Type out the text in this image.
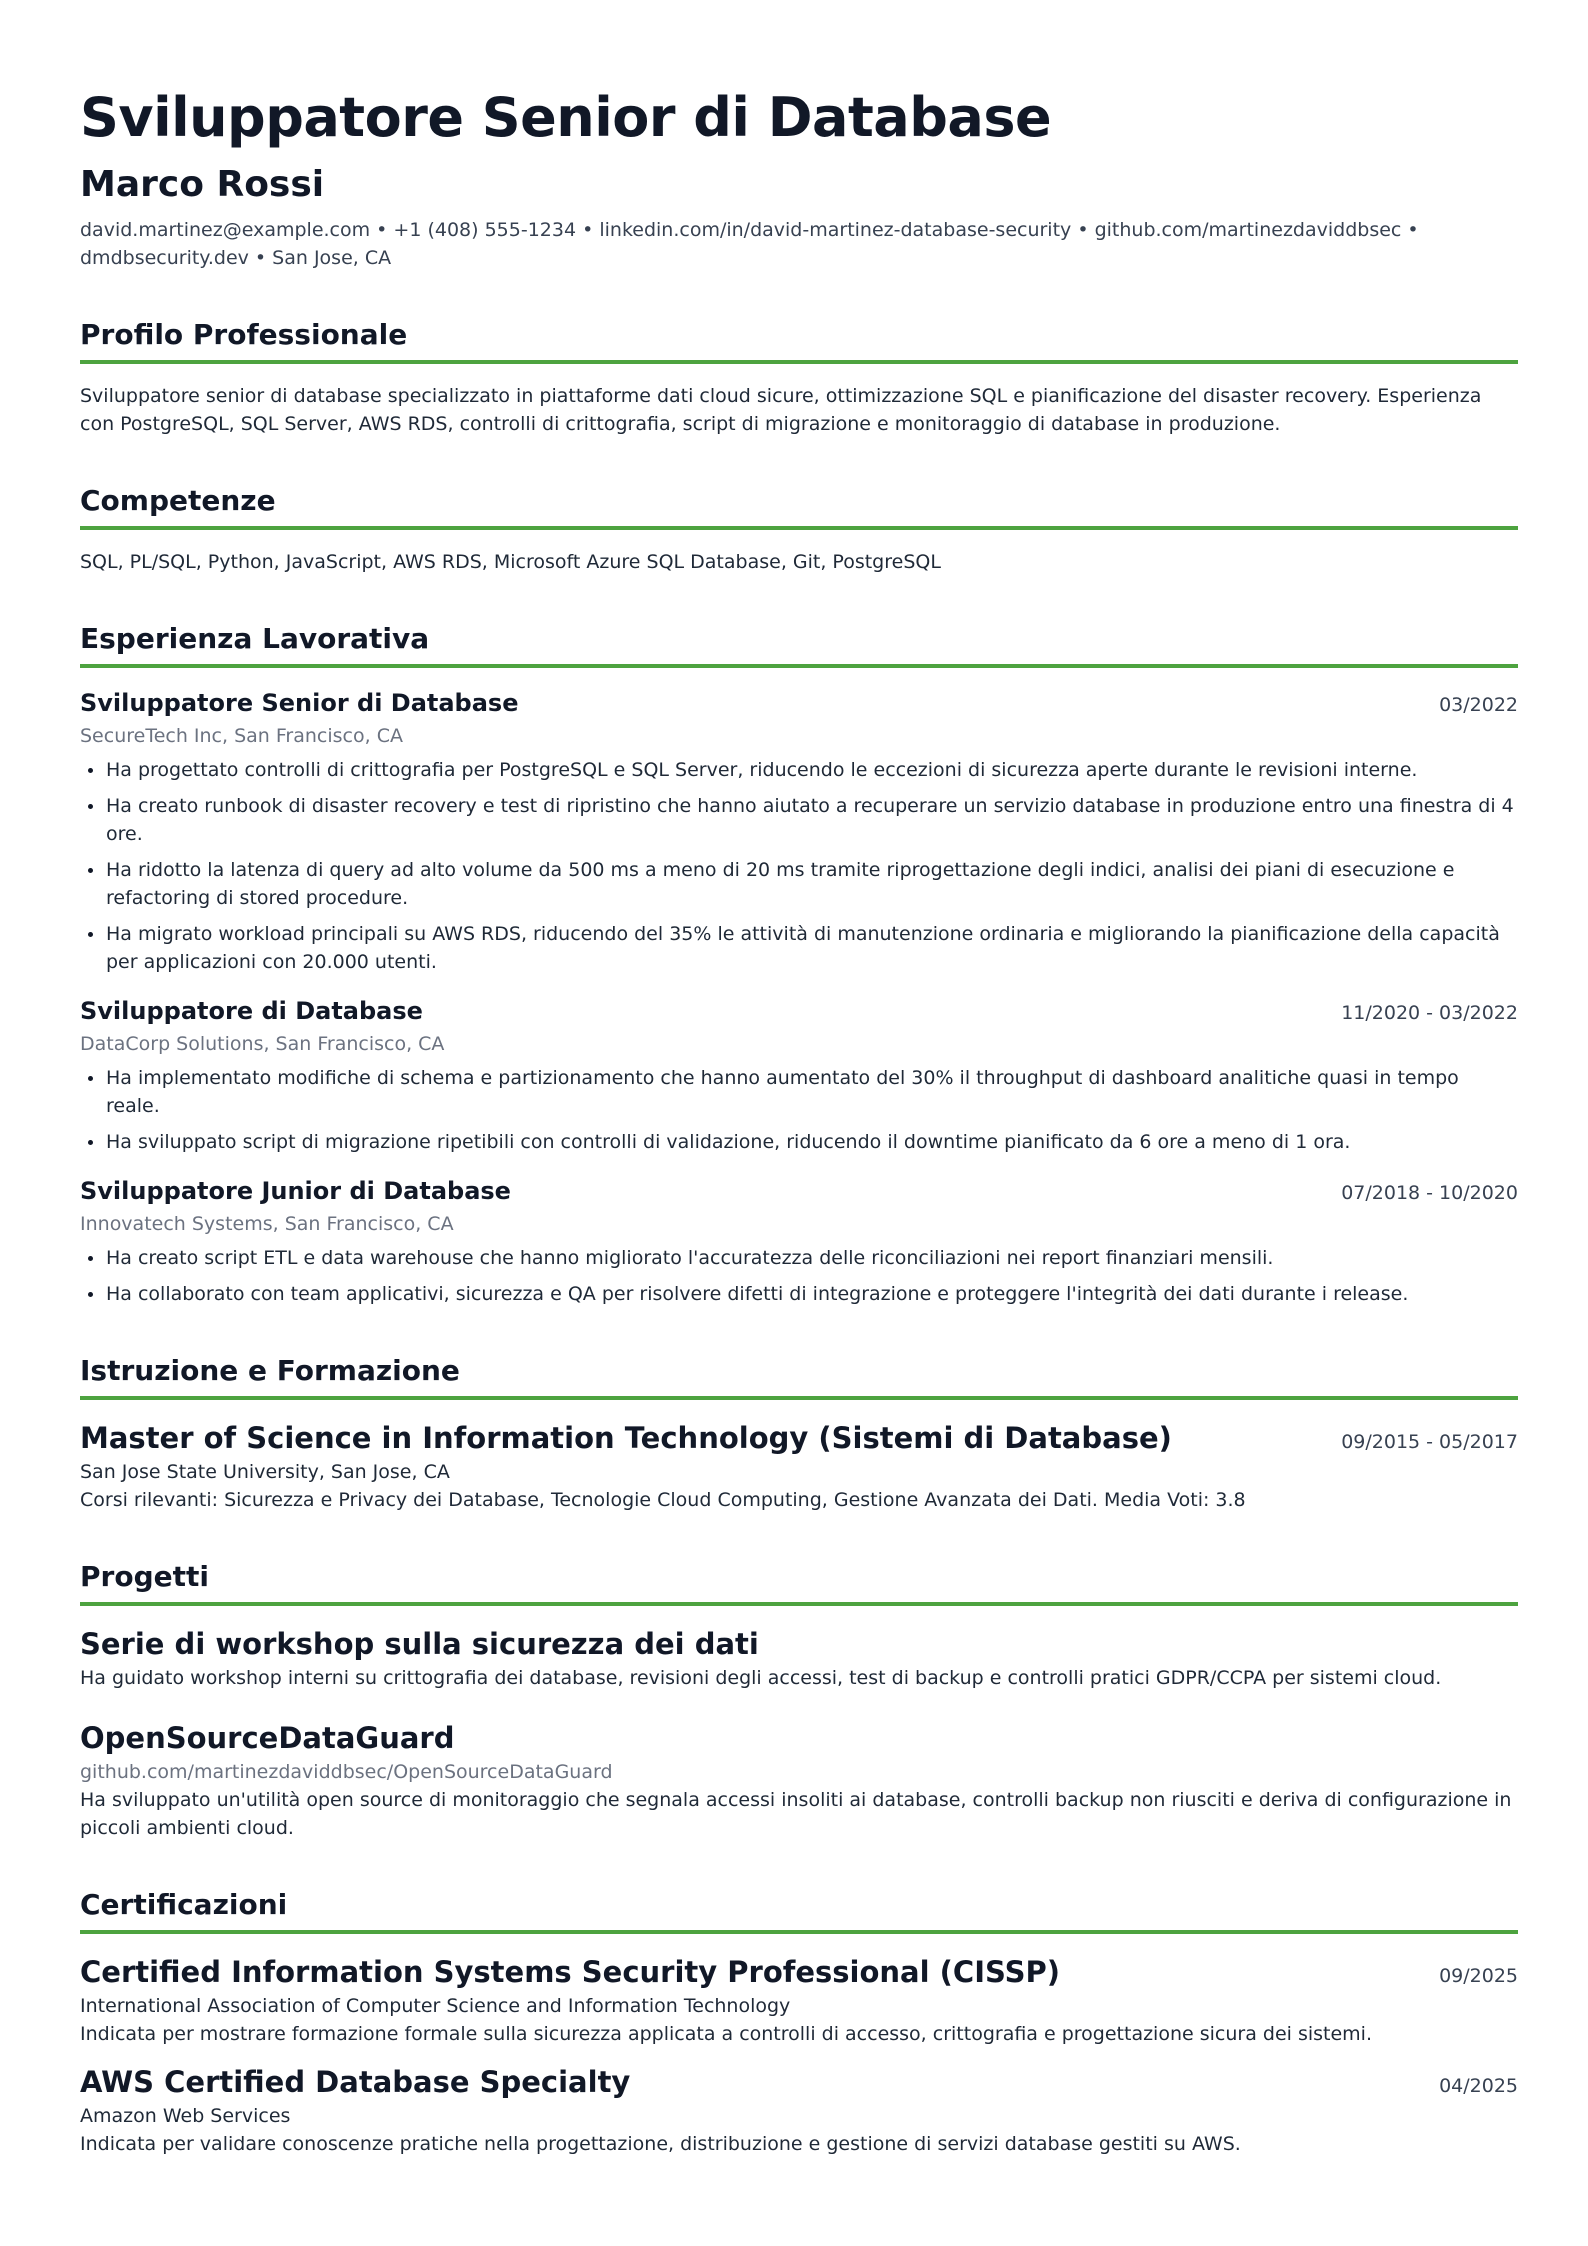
Sviluppatore Senior di Database
Marco Rossi
david.martinez@example.com • +1 (408) 555-1234 • linkedin.com/in/david-martinez-database-security • github.com/martinezdaviddbsec • dmdbsecurity.dev • San Jose, CA
Profilo Professionale
Sviluppatore senior di database specializzato in piattaforme dati cloud sicure, ottimizzazione SQL e pianificazione del disaster recovery. Esperienza con PostgreSQL, SQL Server, AWS RDS, controlli di crittografia, script di migrazione e monitoraggio di database in produzione.
Competenze
SQL, PL/SQL, Python, JavaScript, AWS RDS, Microsoft Azure SQL Database, Git, PostgreSQL
Esperienza Lavorativa
Sviluppatore Senior di Database	03/2022
SecureTech Inc, San Francisco, CA
Ha progettato controlli di crittografia per PostgreSQL e SQL Server, riducendo le eccezioni di sicurezza aperte durante le revisioni interne.
Ha creato runbook di disaster recovery e test di ripristino che hanno aiutato a recuperare un servizio database in produzione entro una finestra di 4 ore.
Ha ridotto la latenza di query ad alto volume da 500 ms a meno di 20 ms tramite riprogettazione degli indici, analisi dei piani di esecuzione e refactoring di stored procedure.
Ha migrato workload principali su AWS RDS, riducendo del 35% le attività di manutenzione ordinaria e migliorando la pianificazione della capacità per applicazioni con 20.000 utenti.
Sviluppatore di Database	11/2020 - 03/2022
DataCorp Solutions, San Francisco, CA
Ha implementato modifiche di schema e partizionamento che hanno aumentato del 30% il throughput di dashboard analitiche quasi in tempo reale.
Ha sviluppato script di migrazione ripetibili con controlli di validazione, riducendo il downtime pianificato da 6 ore a meno di 1 ora.
Sviluppatore Junior di Database	07/2018 - 10/2020
Innovatech Systems, San Francisco, CA
Ha creato script ETL e data warehouse che hanno migliorato l'accuratezza delle riconciliazioni nei report finanziari mensili.
Ha collaborato con team applicativi, sicurezza e QA per risolvere difetti di integrazione e proteggere l'integrità dei dati durante i release.
Istruzione e Formazione
Master of Science in Information Technology (Sistemi di Database)	09/2015 - 05/2017
San Jose State University, San Jose, CA
Corsi rilevanti: Sicurezza e Privacy dei Database, Tecnologie Cloud Computing, Gestione Avanzata dei Dati. Media Voti: 3.8
Progetti
Serie di workshop sulla sicurezza dei dati
Ha guidato workshop interni su crittografia dei database, revisioni degli accessi, test di backup e controlli pratici GDPR/CCPA per sistemi cloud.
OpenSourceDataGuard
github.com/martinezdaviddbsec/OpenSourceDataGuard
Ha sviluppato un'utilità open source di monitoraggio che segnala accessi insoliti ai database, controlli backup non riusciti e deriva di configurazione in piccoli ambienti cloud.
Certificazioni
Certified Information Systems Security Professional (CISSP)	09/2025
International Association of Computer Science and Information Technology
Indicata per mostrare formazione formale sulla sicurezza applicata a controlli di accesso, crittografia e progettazione sicura dei sistemi.
AWS Certified Database Specialty	04/2025
Amazon Web Services
Indicata per validare conoscenze pratiche nella progettazione, distribuzione e gestione di servizi database gestiti su AWS.
